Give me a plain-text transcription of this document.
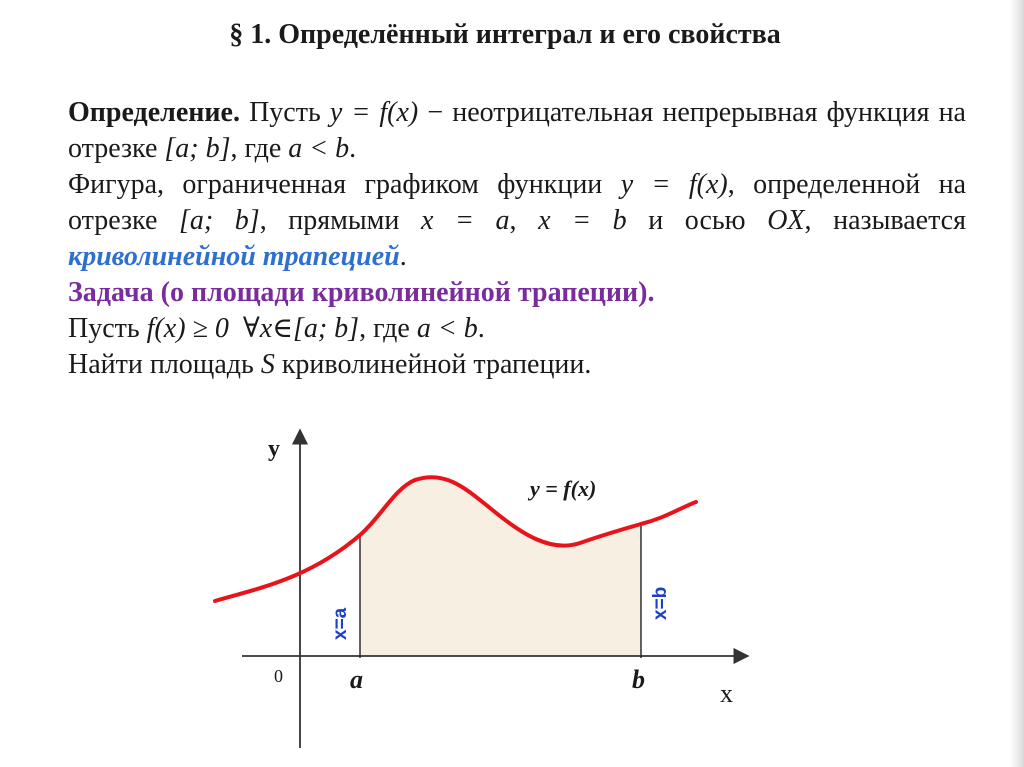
§ 1. Определённый интеграл и его свойства

Определение. Пусть y = f(x) − неотрицательная непрерывная функция на отрезке [a; b], где a < b.

Фигура, ограниченная графиком функции y = f(x), определенной на отрезке [a; b], прямыми x = a, x = b и осью OX, называется криволинейной трапецией.

Задача (о площади криволинейной трапеции).

Пусть f(x) ≥ 0 ∀x∈[a; b], где a < b.

Найти площадь S криволинейной трапеции.

y
x
0	a	b
y = f(x)
x=a
x=b
